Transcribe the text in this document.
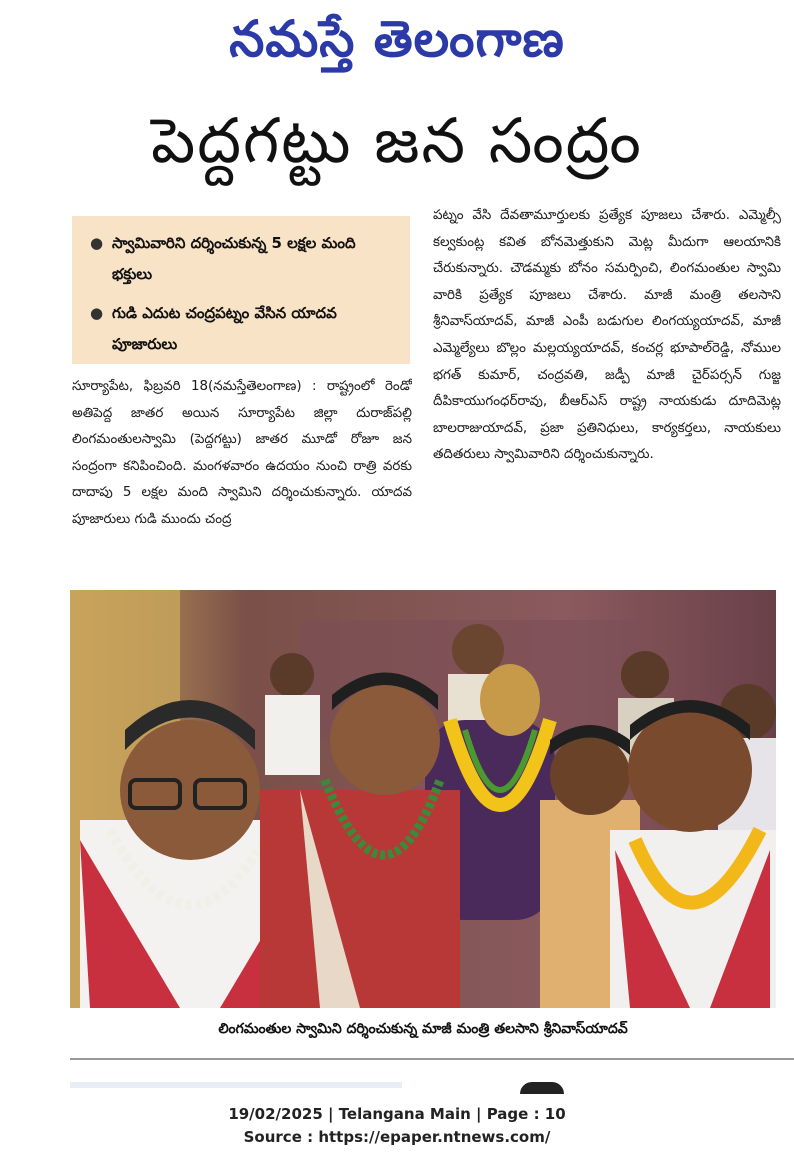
నమస్తే తెలంగాణ
పెద్దగట్టు జన సంద్రం
● స్వామివారిని దర్శించుకున్న 5 లక్షల మంది భక్తులు
● గుడి ఎదుట చంద్రపట్నం వేసిన యాదవ పూజారులు
సూర్యాపేట, ఫిబ్రవరి 18(నమస్తేతెలంగాణ) : రాష్ట్రంలో రెండో అతిపెద్ద జాతర అయిన సూర్యాపేట జిల్లా దురాజ్‌పల్లి లింగమంతులస్వామి (పెద్దగట్టు) జాతర మూడో రోజూ జన సంద్రంగా కనిపించింది. మంగళవారం ఉదయం నుంచి రాత్రి వరకు దాదాపు 5 లక్షల మంది స్వామిని దర్శించుకున్నారు. యాదవ పూజారులు గుడి ముందు చంద్ర
పట్నం వేసి దేవతామూర్తులకు ప్రత్యేక పూజలు చేశారు. ఎమ్మెల్సీ కల్వకుంట్ల కవిత బోనమెత్తుకుని మెట్ల మీదుగా ఆలయానికి చేరుకున్నారు. చౌడమ్మకు బోనం సమర్పించి, లింగమంతుల స్వామి వారికి ప్రత్యేక పూజలు చేశారు. మాజీ మంత్రి తలసాని శ్రీనివాస్‌యాదవ్, మాజీ ఎంపీ బడుగుల లింగయ్యయాదవ్, మాజీ ఎమ్మెల్యేలు బొల్లం మల్లయ్యయాదవ్, కంచర్ల భూపాల్‌రెడ్డి, నోముల భగత్ కుమార్, చంద్రవతి, జడ్పీ మాజీ చైర్‌పర్సన్ గుజ్జ దీపికాయుగంధర్‌రావు, బీఆర్‌ఎస్ రాష్ట్ర నాయకుడు దూదిమెట్ల బాలరాజుయాదవ్, ప్రజా ప్రతినిధులు, కార్యకర్తలు, నాయకులు తదితరులు స్వామివారిని దర్శించుకున్నారు.
లింగమంతుల స్వామిని దర్శించుకున్న మాజీ మంత్రి తలసాని శ్రీనివాస్‌యాదవ్
19/02/2025 | Telangana Main | Page : 10
Source : https://epaper.ntnews.com/
